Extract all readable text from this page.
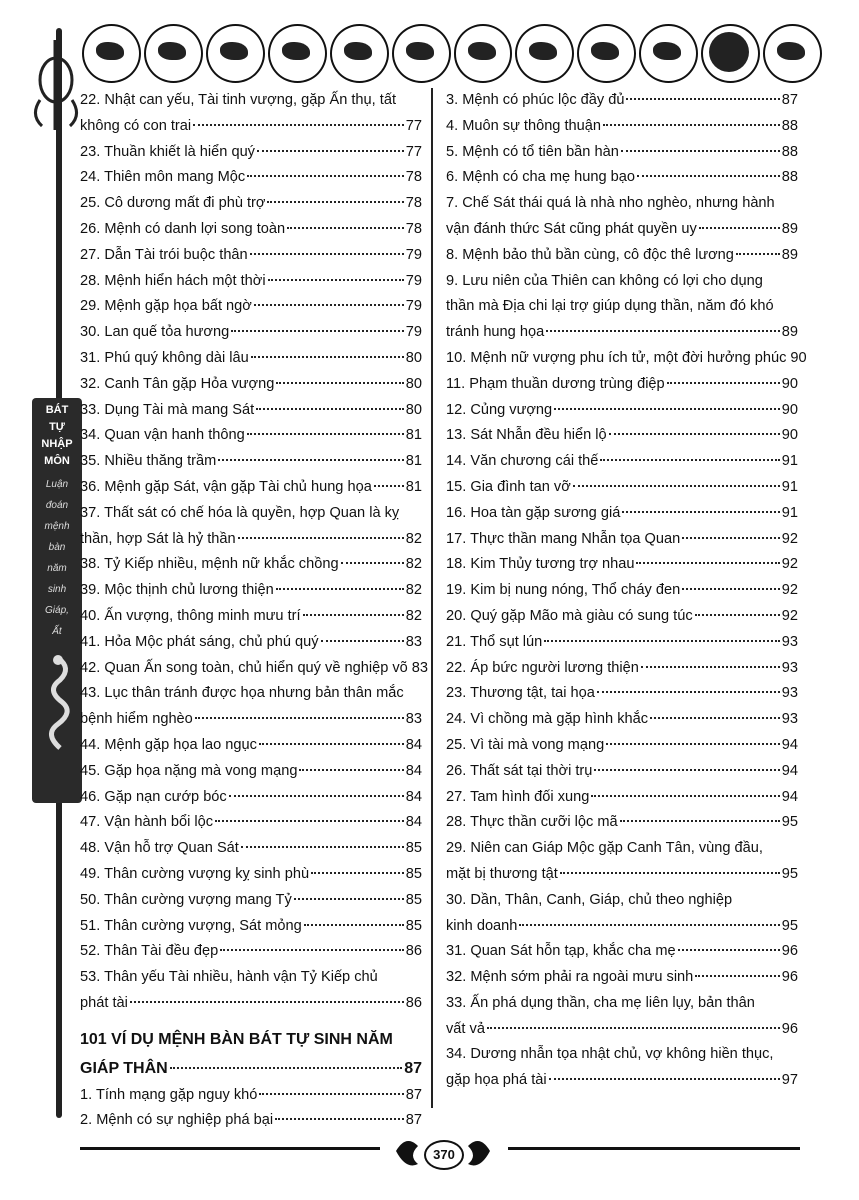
BÁT
TỰ
NHẬP
MÔN
Luận
đoán
mệnh
bàn
năm
sinh
Giáp,
Ất
22. Nhật can yếu, Tài tinh vượng, gặp Ấn thụ, tất
không có con trai	77
23. Thuần khiết là hiển quý	77
24. Thiên môn mang Mộc	78
25. Cô dương mất đi phù trợ	78
26. Mệnh có danh lợi song toàn	78
27. Dẫn Tài trói buộc thân	79
28. Mệnh hiển hách một thời	79
29. Mệnh gặp họa bất ngờ	79
30. Lan quế tỏa hương	79
31. Phú quý không dài lâu	80
32. Canh Tân gặp Hỏa vượng	80
33. Dụng Tài mà mang Sát	80
34. Quan vận hanh thông	81
35. Nhiều thăng trầm	81
36. Mệnh gặp Sát, vận gặp Tài chủ hung họa 81
37. Thất sát có chế hóa là quyền, hợp Quan là kỵ
thần, hợp Sát là hỷ thần	82
38. Tỷ Kiếp nhiều, mệnh nữ khắc chồng	82
39. Mộc thịnh chủ lương thiện	82
40. Ấn vượng, thông minh mưu trí	82
41. Hỏa Mộc phát sáng, chủ phú quý	83
42. Quan Ấn song toàn, chủ hiển quý về nghiệp võ 83
43. Lục thân tránh được họa nhưng bản thân mắc
bệnh hiểm nghèo	83
44. Mệnh gặp họa lao ngục	84
45. Gặp họa nặng mà vong mạng	84
46. Gặp nạn cướp bóc	84
47. Vận hành bổi lộc	84
48. Vận hỗ trợ Quan Sát	85
49. Thân cường vượng kỵ sinh phù	85
50. Thân cường vượng mang Tỷ	85
51. Thân cường vượng, Sát mỏng	85
52. Thân Tài đều đẹp	86
53. Thân yếu Tài nhiều, hành vận Tỷ Kiếp chủ
phát tài	86
101 VÍ DỤ MỆNH BÀN BÁT TỰ SINH NĂM
GIÁP THÂN	87
1. Tính mạng gặp nguy khó	87
2. Mệnh có sự nghiệp phá bại	87
3. Mệnh có phúc lộc đầy đủ	87
4. Muôn sự thông thuận	88
5. Mệnh có tổ tiên bần hàn	88
6. Mệnh có cha mẹ hung bạo	88
7. Chế Sát thái quá là nhà nho nghèo, nhưng hành
vận đánh thức Sát cũng phát quyền uy	89
8. Mệnh bảo thủ bần cùng, cô độc thê lương	89
9. Lưu niên của Thiên can không có lợi cho dụng
thần mà Địa chi lại trợ giúp dụng thần, năm đó khó
tránh hung họa	89
10. Mệnh nữ vượng phu ích tử, một đời hưởng phúc 90
11. Phạm thuần dương trùng điệp	90
12. Củng vượng	90
13. Sát Nhẫn đều hiển lộ	90
14. Văn chương cái thế	91
15. Gia đình tan vỡ	91
16. Hoa tàn gặp sương giá	91
17. Thực thần mang Nhẫn tọa Quan	92
18. Kim Thủy tương trợ nhau	92
19. Kim bị nung nóng, Thổ cháy đen	92
20. Quý gặp Mão mà giàu có sung túc	92
21. Thổ sụt lún	93
22. Áp bức người lương thiện	93
23. Thương tật, tai họa	93
24. Vì chồng mà gặp hình khắc	93
25. Vì tài mà vong mạng	94
26. Thất sát tại thời trụ	94
27. Tam hình đối xung	94
28. Thực thần cưỡi lộc mã	95
29. Niên can Giáp Mộc gặp Canh Tân, vùng đầu,
mặt bị thương tật	95
30. Dần, Thân, Canh, Giáp, chủ theo nghiệp
kinh doanh	95
31. Quan Sát hỗn tạp, khắc cha mẹ	96
32. Mệnh sớm phải ra ngoài mưu sinh	96
33. Ấn phá dụng thần, cha mẹ liên lụy, bản thân
vất vả	96
34. Dương nhẫn tọa nhật chủ, vợ không hiền thục,
gặp họa phá tài	97
370
